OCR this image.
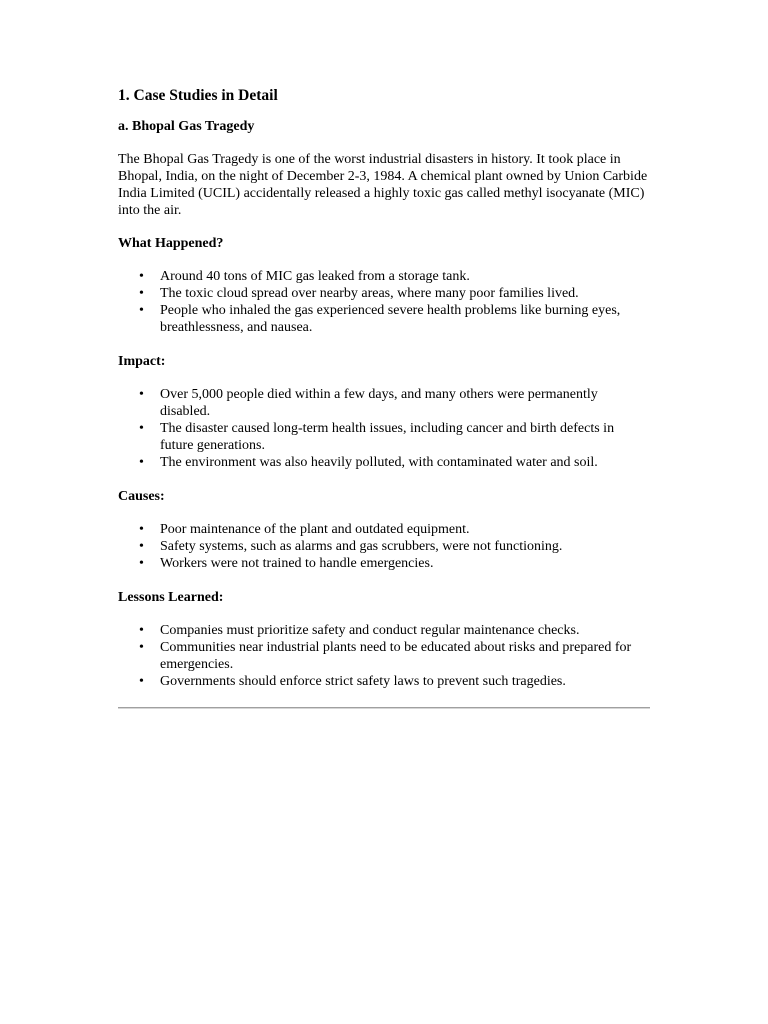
1. Case Studies in Detail
a. Bhopal Gas Tragedy

The Bhopal Gas Tragedy is one of the worst industrial disasters in history. It took place in Bhopal, India, on the night of December 2-3, 1984. A chemical plant owned by Union Carbide India Limited (UCIL) accidentally released a highly toxic gas called methyl isocyanate (MIC) into the air.

What Happened?
• Around 40 tons of MIC gas leaked from a storage tank.
• The toxic cloud spread over nearby areas, where many poor families lived.
• People who inhaled the gas experienced severe health problems like burning eyes, breathlessness, and nausea.
Impact:
• Over 5,000 people died within a few days, and many others were permanently disabled.
• The disaster caused long-term health issues, including cancer and birth defects in future generations.
• The environment was also heavily polluted, with contaminated water and soil.
Causes:
• Poor maintenance of the plant and outdated equipment.
• Safety systems, such as alarms and gas scrubbers, were not functioning.
• Workers were not trained to handle emergencies.
Lessons Learned:
• Companies must prioritize safety and conduct regular maintenance checks.
• Communities near industrial plants need to be educated about risks and prepared for emergencies.
• Governments should enforce strict safety laws to prevent such tragedies.
